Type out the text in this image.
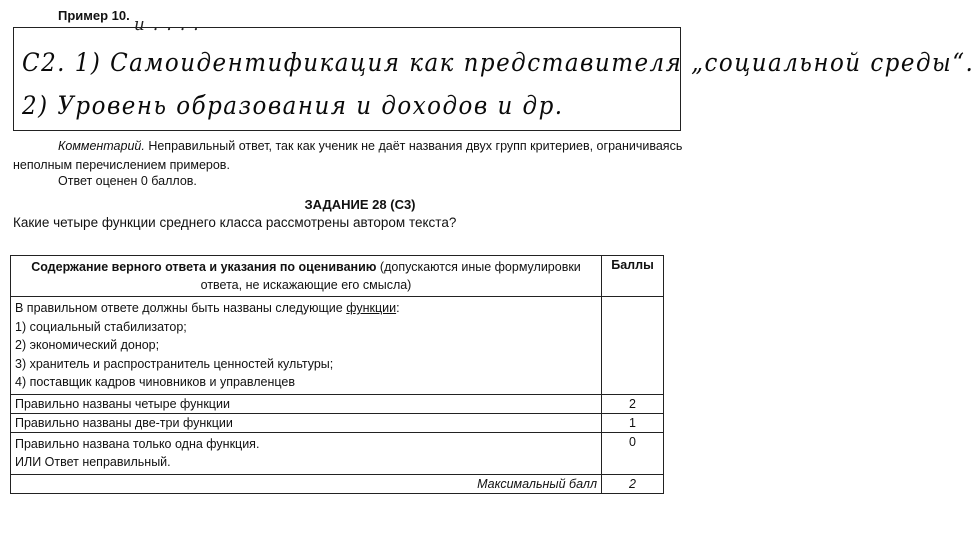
Пример 10. и . . . .
С2. 1) Самоидентификация как представителя „социальной среды“.
2) Уровень образования и доходов и др.
Комментарий. Неправильный ответ, так как ученик не даёт названия двух групп критериев, ограничиваясь неполным перечислением примеров.
Ответ оценен 0 баллов.
ЗАДАНИЕ 28 (С3)
Какие четыре функции среднего класса рассмотрены автором текста?
Содержание верного ответа и указания по оцениванию (допускаются иные формулировки ответа, не искажающие его смысла)	Баллы

В правильном ответе должны быть названы следующие функции:
1) социальный стабилизатор;
2) экономический донор;
3) хранитель и распространитель ценностей культуры;
4) поставщик кадров чиновников и управленцев	

Правильно названы четыре функции	2
Правильно названы две-три функции	1

Правильно названа только одна функция.
ИЛИ Ответ неправильный.	0
Максимальный балл	2
